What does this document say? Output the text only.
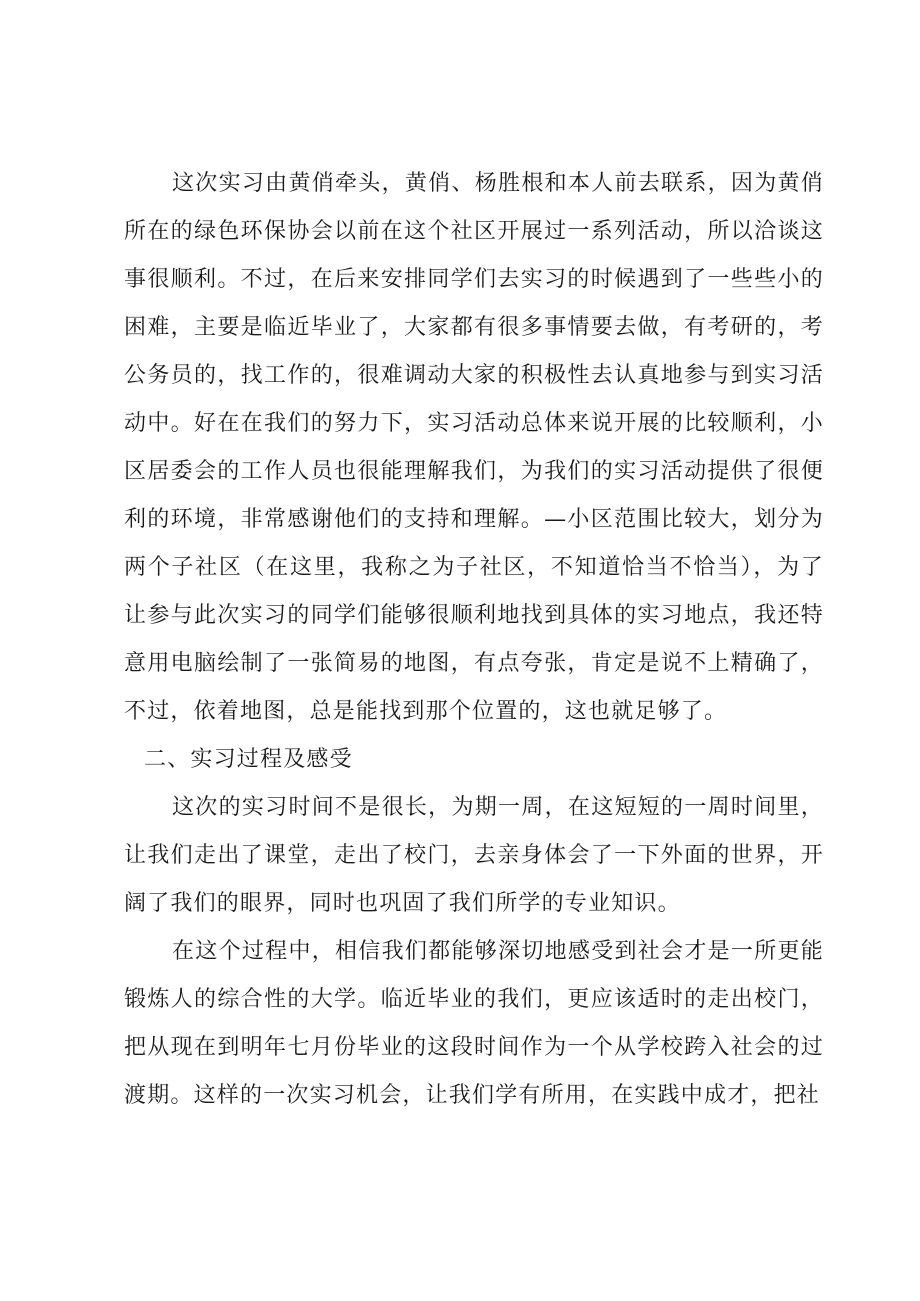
这次实习由黄俏牵头，黄俏、杨胜根和本人前去联系，因为黄俏所在的绿色环保协会以前在这个社区开展过一系列活动，所以洽谈这事很顺利。不过，在后来安排同学们去实习的时候遇到了一些些小的困难，主要是临近毕业了，大家都有很多事情要去做，有考研的，考公务员的，找工作的，很难调动大家的积极性去认真地参与到实习活动中。好在在我们的努力下，实习活动总体来说开展的比较顺利，小区居委会的工作人员也很能理解我们，为我们的实习活动提供了很便利的环境，非常感谢他们的支持和理解。—小区范围比较大，划分为两个子社区（在这里，我称之为子社区，不知道恰当不恰当），为了让参与此次实习的同学们能够很顺利地找到具体的实习地点，我还特意用电脑绘制了一张简易的地图，有点夸张，肯定是说不上精确了，不过，依着地图，总是能找到那个位置的，这也就足够了。

二、实习过程及感受

这次的实习时间不是很长，为期一周，在这短短的一周时间里，让我们走出了课堂，走出了校门，去亲身体会了一下外面的世界，开阔了我们的眼界，同时也巩固了我们所学的专业知识。

在这个过程中，相信我们都能够深切地感受到社会才是一所更能锻炼人的综合性的大学。临近毕业的我们，更应该适时的走出校门，把从现在到明年七月份毕业的这段时间作为一个从学校跨入社会的过渡期。这样的一次实习机会，让我们学有所用，在实践中成才，把社
